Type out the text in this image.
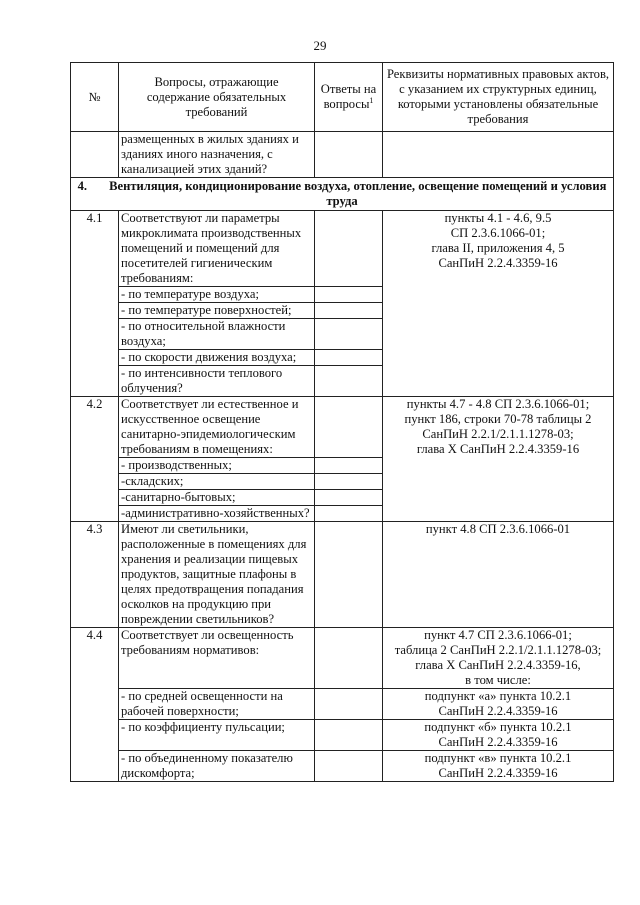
29
№	Вопросы, отражающие содержание обязательных требований	Ответы на вопросы$^1$	Реквизиты нормативных правовых актов, с указанием их структурных единиц, которыми установлены обязательные требования
	размещенных в жилых зданиях и зданиях иного назначения, с канализацией этих зданий?		
4. Вентиляция, кондиционирование воздуха, отопление, освещение помещений и условия труда			
4.1	Соответствуют ли параметры микроклимата производственных помещений и помещений для посетителей гигиеническим требованиям:		пункты 4.1 - 4.6, 9.5
СП 2.3.6.1066-01;
глава II, приложения 4, 5
СанПиН 2.2.4.3359-16

	- по температуре воздуха;		
	- по температуре поверхностей;		
	- по относительной влажности воздуха;		
	- по скорости движения воздуха;		
	- по интенсивности теплового облучения?		
4.2	Соответствует ли естественное и искусственное освещение санитарно-эпидемиологическим требованиям в помещениях:		пункты 4.7 - 4.8 СП 2.3.6.1066-01;
пункт 186, строки 70-78 таблицы 2
СанПиН 2.2.1/2.1.1.1278-03;
глава X СанПиН 2.2.4.3359-16

	- производственных;		
	-складских;		
	-санитарно-бытовых;		
	-административно-хозяйственных?		
4.3	Имеют ли светильники, расположенные в помещениях для хранения и реализации пищевых продуктов, защитные плафоны в целях предотвращения попадания осколков на продукцию при повреждении светильников?		пункт 4.8 СП 2.3.6.1066-01

4.4	Соответствует ли освещенность требованиям нормативов:		пункт 4.7 СП 2.3.6.1066-01;
таблица 2 СанПиН 2.2.1/2.1.1.1278-03;
глава X СанПиН 2.2.4.3359-16,
в том числе:

	- по средней освещенности на рабочей поверхности;		подпункт «а» пункта 10.2.1
СанПиН 2.2.4.3359-16

	- по коэффициенту пульсации;		подпункт «б» пункта 10.2.1
СанПиН 2.2.4.3359-16

	- по объединенному показателю дискомфорта;		подпункт «в» пункта 10.2.1
СанПиН 2.2.4.3359-16
